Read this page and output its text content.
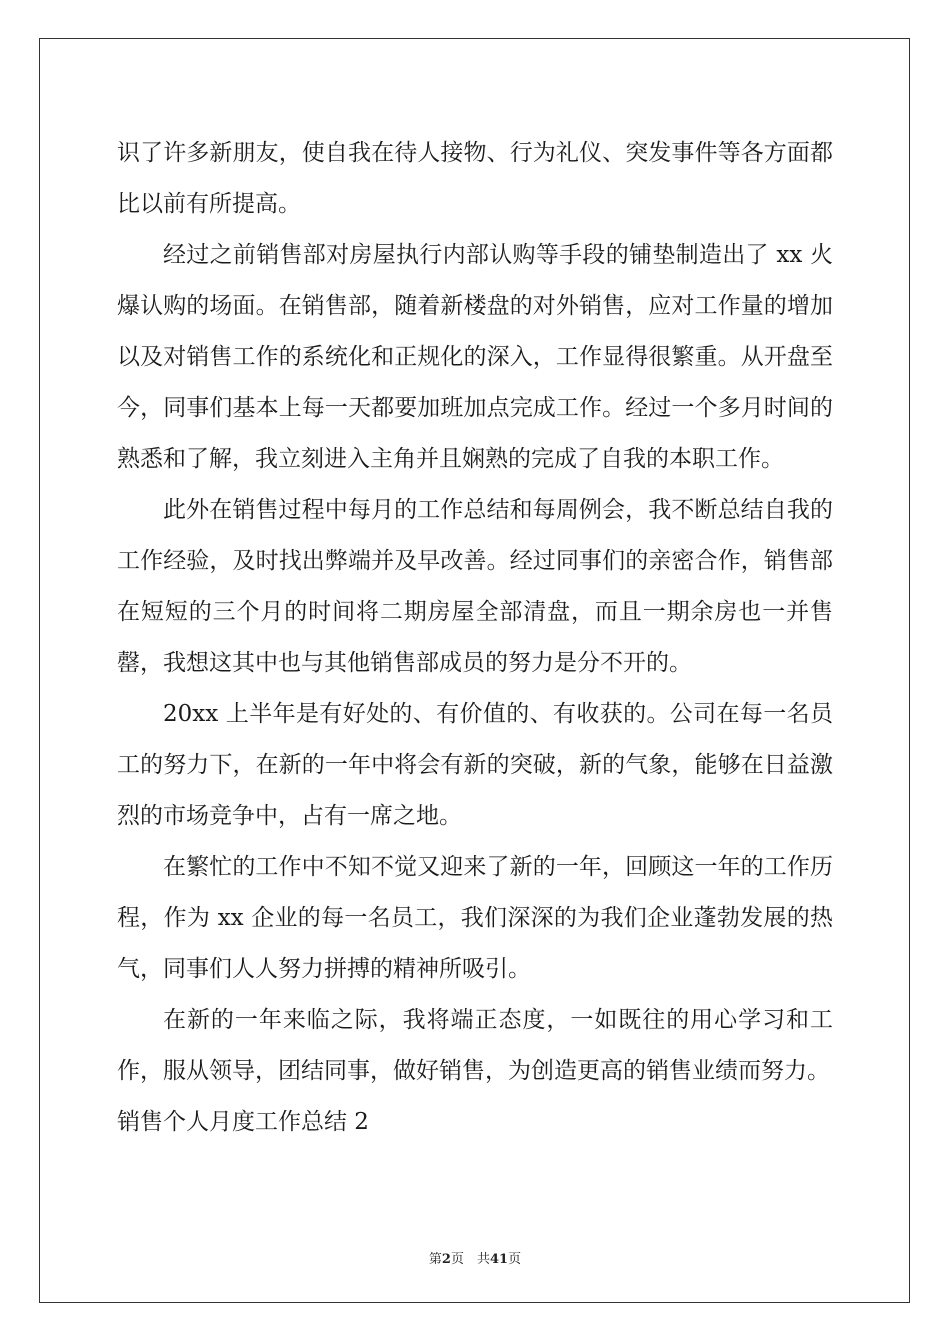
识了许多新朋友，使自我在待人接物、行为礼仪、突发事件等各方面都比以前有所提高。

经过之前销售部对房屋执行内部认购等手段的铺垫制造出了 xx 火爆认购的场面。在销售部，随着新楼盘的对外销售，应对工作量的增加以及对销售工作的系统化和正规化的深入，工作显得很繁重。从开盘至今，同事们基本上每一天都要加班加点完成工作。经过一个多月时间的熟悉和了解，我立刻进入主角并且娴熟的完成了自我的本职工作。

此外在销售过程中每月的工作总结和每周例会，我不断总结自我的工作经验，及时找出弊端并及早改善。经过同事们的亲密合作，销售部在短短的三个月的时间将二期房屋全部清盘，而且一期余房也一并售罄，我想这其中也与其他销售部成员的努力是分不开的。

20xx 上半年是有好处的、有价值的、有收获的。公司在每一名员工的努力下，在新的一年中将会有新的突破，新的气象，能够在日益激烈的市场竞争中，占有一席之地。

在繁忙的工作中不知不觉又迎来了新的一年，回顾这一年的工作历程，作为 xx 企业的每一名员工，我们深深的为我们企业蓬勃发展的热气，同事们人人努力拼搏的精神所吸引。

在新的一年来临之际，我将端正态度，一如既往的用心学习和工作，服从领导，团结同事，做好销售，为创造更高的销售业绩而努力。

销售个人月度工作总结 2

第2页　共41页
